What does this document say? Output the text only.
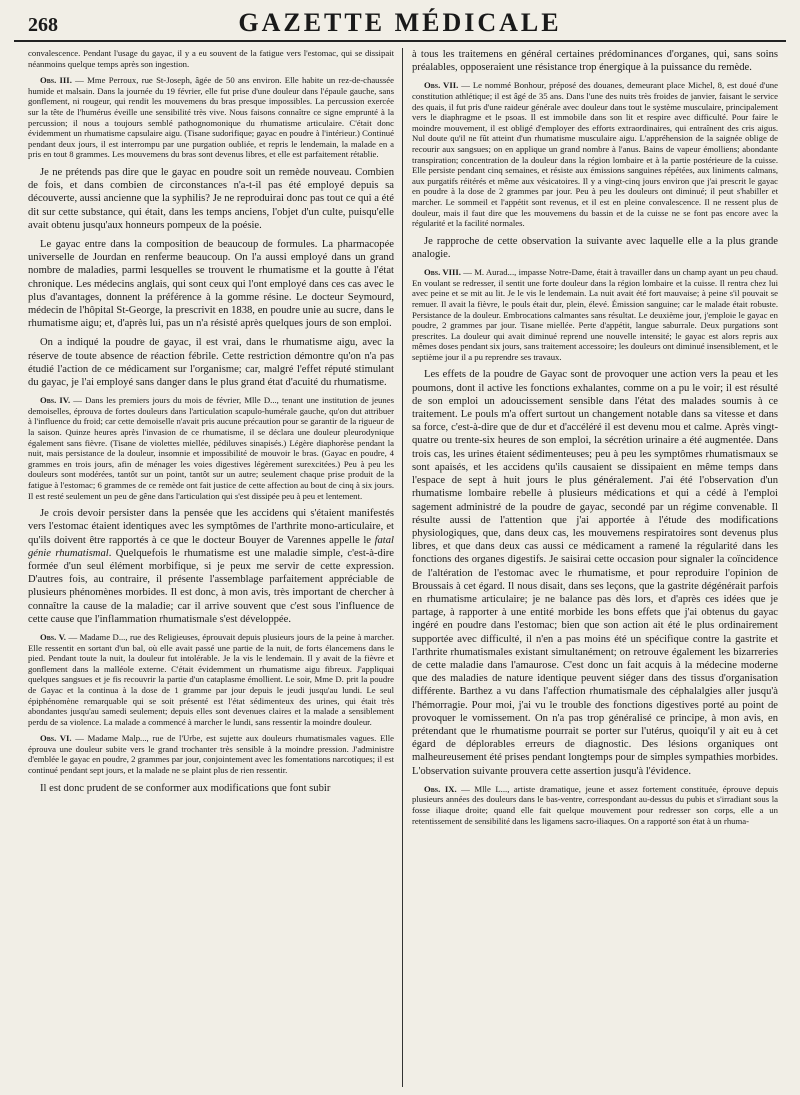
268	GAZETTE MÉDICALE

convalescence. Pendant l'usage du gayac, il y a eu souvent de la fatigue vers l'estomac, qui se dissipait néanmoins quelque temps après son ingestion.

Obs. III. — Mme Perroux, rue St-Joseph, âgée de 50 ans environ. Elle habite un rez-de-chaussée humide et malsain. Dans la journée du 19 février, elle fut prise d'une douleur dans l'épaule gauche, sans gonflement, ni rougeur, qui rendit les mouvemens du bras presque impossibles. La percussion exercée sur la tête de l'humérus éveille une sensibilité très vive. Nous faisons connaître ce signe emprunté à la percussion; il nous a toujours semblé pathognomonique du rhumatisme articulaire. C'était donc évidemment un rhumatisme capsulaire aigu. (Tisane sudorifique; gayac en poudre à l'intérieur.) Continué pendant deux jours, il est interrompu par une purgation oubliée, et repris le lendemain, la malade en a pris en tout 8 grammes. Les mouvemens du bras sont devenus libres, et elle est parfaitement rétablie.

Je ne prétends pas dire que le gayac en poudre soit un remède nouveau. Combien de fois, et dans combien de circonstances n'a-t-il pas été employé depuis sa découverte, aussi ancienne que la syphilis? Je ne reproduirai donc pas tout ce qui a été dit sur cette substance, qui était, dans les temps anciens, l'objet d'un culte, puisqu'elle avait obtenu jusqu'aux honneurs pompeux de la poésie.

Le gayac entre dans la composition de beaucoup de formules. La pharmacopée universelle de Jourdan en renferme beaucoup. On l'a aussi employé dans un grand nombre de maladies, parmi lesquelles se trouvent le rhumatisme et la goutte à l'état chronique. Les médecins anglais, qui sont ceux qui l'ont employé dans ces cas avec le plus d'avantages, donnent la préférence à la gomme résine. Le docteur Seymourd, médecin de l'hôpital St-George, la prescrivit en 1838, en poudre unie au sucre, dans le rhumatisme aigu; et, d'après lui, pas un n'a résisté après quelques jours de son emploi.

On a indiqué la poudre de gayac, il est vrai, dans le rhumatisme aigu, avec la réserve de toute absence de réaction fébrile. Cette restriction démontre qu'on n'a pas étudié l'action de ce médicament sur l'organisme; car, malgré l'effet réputé stimulant du gayac, je l'ai employé sans danger dans le plus grand état d'acuité du rhumatisme.

Obs. IV. — Dans les premiers jours du mois de février, Mlle D..., tenant une institution de jeunes demoiselles, éprouva de fortes douleurs dans l'articulation scapulo-humérale gauche, qu'on dut attribuer à l'influence du froid; car cette demoiselle n'avait pris aucune précaution pour se garantir de la rigueur de la saison. Quinze heures après l'invasion de ce rhumatisme, il se déclara une douleur pleurodynique également sans fièvre. (Tisane de violettes miellée, pédiluves sinapisés.) Légère diaphorèse pendant la nuit, mais persistance de la douleur, insomnie et impossibilité de mouvoir le bras. (Gayac en poudre, 4 grammes en trois jours, afin de ménager les voies digestives légèrement surexcitées.) Peu à peu les douleurs sont modérées, tantôt sur un point, tantôt sur un autre; seulement chaque prise produit de la fatigue à l'estomac; 6 grammes de ce remède ont fait justice de cette affection au bout de cinq à six jours. Il est resté seulement un peu de gêne dans l'articulation qui s'est dissipée peu à peu et lentement.

Je crois devoir persister dans la pensée que les accidens qui s'étaient manifestés vers l'estomac étaient identiques avec les symptômes de l'arthrite mono-articulaire, et qu'ils doivent être rapportés à ce que le docteur Bouyer de Varennes appelle le fatal génie rhumatismal. Quelquefois le rhumatisme est une maladie simple, c'est-à-dire formée d'un seul élément morbifique, si je peux me servir de cette expression. D'autres fois, au contraire, il présente l'assemblage parfaitement appréciable de plusieurs phénomènes morbides. Il est donc, à mon avis, très important de chercher à connaître la cause de la maladie; car il arrive souvent que c'est sous l'influence de cette cause que l'inflammation rhumatismale s'est développée.

Obs. V. — Madame D..., rue des Religieuses, éprouvait depuis plusieurs jours de la peine à marcher. Elle ressentit en sortant d'un bal, où elle avait passé une partie de la nuit, de forts élancemens dans le pied. Pendant toute la nuit, la douleur fut intolérable. Je la vis le lendemain. Il y avait de la fièvre et gonflement dans la malléole externe. C'était évidemment un rhumatisme aigu fibreux. J'appliquai quelques sangsues et je fis recouvrir la partie d'un cataplasme émollient. Le soir, Mme D. prit la poudre de Gayac et la continua à la dose de 1 gramme par jour depuis le jeudi jusqu'au lundi. Le seul épiphénomène remarquable qui se soit présenté est l'état sédimenteux des urines, qui était très abondantes jusqu'au samedi seulement; depuis elles sont devenues claires et la malade a sensiblement perdu de sa violence. La malade a commencé à marcher le lundi, sans ressentir la moindre douleur.

Obs. VI. — Madame Malp..., rue de l'Urbe, est sujette aux douleurs rhumatismales vagues. Elle éprouva une douleur subite vers le grand trochanter très sensible à la moindre pression. J'administre d'emblée le gayac en poudre, 2 grammes par jour, conjointement avec les fomentations narcotiques; il est continué pendant sept jours, et la malade ne se plaint plus de rien ressentir.

Il est donc prudent de se conformer aux modifications que font subir

à tous les traitemens en général certaines prédominances d'organes, qui, sans soins préalables, opposeraient une résistance trop énergique à la puissance du remède.

Obs. VII. — Le nommé Bonhour, préposé des douanes, demeurant place Michel, 8, est doué d'une constitution athlétique; il est âgé de 35 ans. Dans l'une des nuits très froides de janvier, faisant le service des quais, il fut pris d'une raideur générale avec douleur dans tout le système musculaire, principalement vers le diaphragme et le psoas. Il est immobile dans son lit et respire avec difficulté. Pour faire le moindre mouvement, il est obligé d'employer des efforts extraordinaires, qui entraînent des cris aigus. Nul doute qu'il ne fût atteint d'un rhumatisme musculaire aigu. L'appréhension de la saignée oblige de recourir aux sangsues; on en applique un grand nombre à l'anus. Bains de vapeur émolliens; abondante transpiration; concentration de la douleur dans la région lombaire et à la partie postérieure de la cuisse. Elle persiste pendant cinq semaines, et résiste aux émissions sanguines répétées, aux liniments calmans, aux purgatifs réitérés et même aux vésicatoires. Il y a vingt-cinq jours environ que j'ai prescrit le gayac en poudre à la dose de 2 grammes par jour. Peu à peu les douleurs ont diminué; il peut s'habiller et marcher. Le sommeil et l'appétit sont revenus, et il est en pleine convalescence. Il ne ressent plus de douleur, mais il faut dire que les mouvemens du bassin et de la cuisse ne se font pas encore avec la régularité et la facilité normales.

Je rapproche de cette observation la suivante avec laquelle elle a la plus grande analogie.

Obs. VIII. — M. Aurad..., impasse Notre-Dame, était à travailler dans un champ ayant un peu chaud. En voulant se redresser, il sentit une forte douleur dans la région lombaire et la cuisse. Il rentra chez lui avec peine et se mit au lit. Je le vis le lendemain. La nuit avait été fort mauvaise; à peine s'il pouvait se remuer. Il avait la fièvre, le pouls était dur, plein, élevé. Émission sanguine; car le malade était robuste. Persistance de la douleur. Embrocations calmantes sans résultat. Le deuxième jour, j'emploie le gayac en poudre, 2 grammes par jour. Tisane miellée. Perte d'appétit, langue saburrale. Deux purgations sont prescrites. La douleur qui avait diminué reprend une nouvelle intensité; le gayac est alors repris aux mêmes doses pendant six jours, sans traitement accessoire; les douleurs ont diminué insensiblement, et le septième jour il a pu reprendre ses travaux.

Les effets de la poudre de Gayac sont de provoquer une action vers la peau et les poumons, dont il active les fonctions exhalantes, comme on a pu le voir; il est résulté de son emploi un adoucissement sensible dans l'état des malades soumis à ce traitement. Le pouls m'a offert surtout un changement notable dans sa vitesse et dans sa force, c'est-à-dire que de dur et d'accéléré il est devenu mou et calme. Après vingt-quatre ou trente-six heures de son emploi, la sécrétion urinaire a été augmentée. Dans trois cas, les urines étaient sédimenteuses; peu à peu les symptômes rhumatismaux se sont apaisés, et les accidens qu'ils causaient se dissipaient en même temps dans l'espace de sept à huit jours le plus généralement. J'ai été l'observation d'un rhumatisme lombaire rebelle à plusieurs médications et qui a cédé à l'emploi sagement administré de la poudre de gayac, secondé par un régime convenable. Il résulte aussi de l'attention que j'ai apportée à l'étude des modifications physiologiques, que, dans deux cas, les mouvemens respiratoires sont devenus plus libres, et que dans deux cas aussi ce médicament a ramené la régularité dans les fonctions des organes digestifs. Je saisirai cette occasion pour signaler la coïncidence de l'altération de l'estomac avec le rhumatisme, et pour reproduire l'opinion de Broussais à cet égard. Il nous disait, dans ses leçons, que la gastrite dégénérait parfois en rhumatisme articulaire; je ne balance pas dès lors, et d'après ces idées que je partage, à rapporter à une entité morbide les bons effets que j'ai obtenus du gayac ingéré en poudre dans l'estomac; bien que son action ait été le plus ordinairement supportée avec difficulté, il n'en a pas moins été un spécifique contre la gastrite et l'arthrite rhumatismales existant simultanément; on retrouve également les bizarreries de cette maladie dans l'amaurose. C'est donc un fait acquis à la médecine moderne que des maladies de nature identique peuvent siéger dans des tissus d'organisation différente. Barthez a vu dans l'affection rhumatismale des céphalalgies aller jusqu'à l'hémorragie. Pour moi, j'ai vu le trouble des fonctions digestives porté au point de provoquer le vomissement. On n'a pas trop généralisé ce principe, à mon avis, en prétendant que le rhumatisme pourrait se porter sur l'utérus, quoiqu'il y ait eu à cet égard de déplorables erreurs de diagnostic. Des lésions organiques ont malheureusement été prises pendant longtemps pour de simples sympathies morbides. L'observation suivante prouvera cette assertion jusqu'à l'évidence.

Obs. IX. — Mlle L..., artiste dramatique, jeune et assez fortement constituée, éprouve depuis plusieurs années des douleurs dans le bas-ventre, correspondant au-dessus du pubis et s'irradiant sous la fosse iliaque droite; quand elle fait quelque mouvement pour redresser son corps, elle a un retentissement de sensibilité dans les ligamens sacro-iliaques. On a rapporté son état à un rhuma-
